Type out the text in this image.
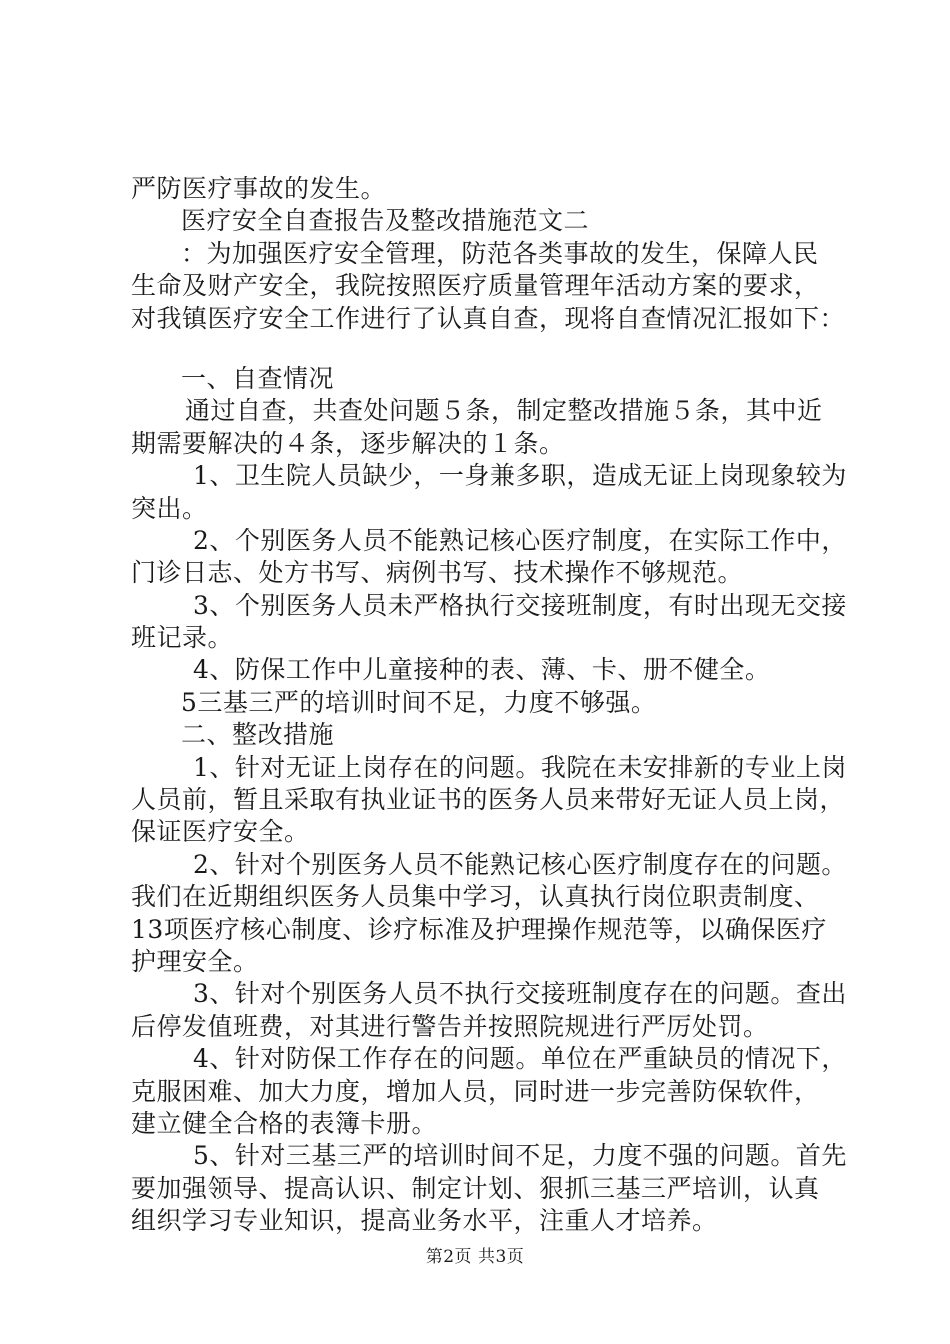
严防医疗事故的发生。
医疗安全自查报告及整改措施范文二
：为加强医疗安全管理，防范各类事故的发生，保障人民
生命及财产安全，我院按照医疗质量管理年活动方案的要求，
对我镇医疗安全工作进行了认真自查，现将自查情况汇报如下：
一、自查情况
通过自查，共查处问题５条，制定整改措施５条，其中近
期需要解决的４条，逐步解决的１条。
1、卫生院人员缺少，一身兼多职，造成无证上岗现象较为
突出。
2、个别医务人员不能熟记核心医疗制度，在实际工作中，
门诊日志、处方书写、病例书写、技术操作不够规范。
3、个别医务人员未严格执行交接班制度，有时出现无交接
班记录。
4、防保工作中儿童接种的表、薄、卡、册不健全。
5三基三严的培训时间不足，力度不够强。
二、整改措施
1、针对无证上岗存在的问题。我院在未安排新的专业上岗
人员前，暂且采取有执业证书的医务人员来带好无证人员上岗，
保证医疗安全。
2、针对个别医务人员不能熟记核心医疗制度存在的问题。
我们在近期组织医务人员集中学习，认真执行岗位职责制度、
13项医疗核心制度、诊疗标准及护理操作规范等，以确保医疗
护理安全。
3、针对个别医务人员不执行交接班制度存在的问题。查出
后停发值班费，对其进行警告并按照院规进行严厉处罚。
4、针对防保工作存在的问题。单位在严重缺员的情况下，
克服困难、加大力度，增加人员，同时进一步完善防保软件，
建立健全合格的表簿卡册。
5、针对三基三严的培训时间不足，力度不强的问题。首先
要加强领导、提高认识、制定计划、狠抓三基三严培训，认真
组织学习专业知识，提高业务水平，注重人才培养。
第2页 共3页
